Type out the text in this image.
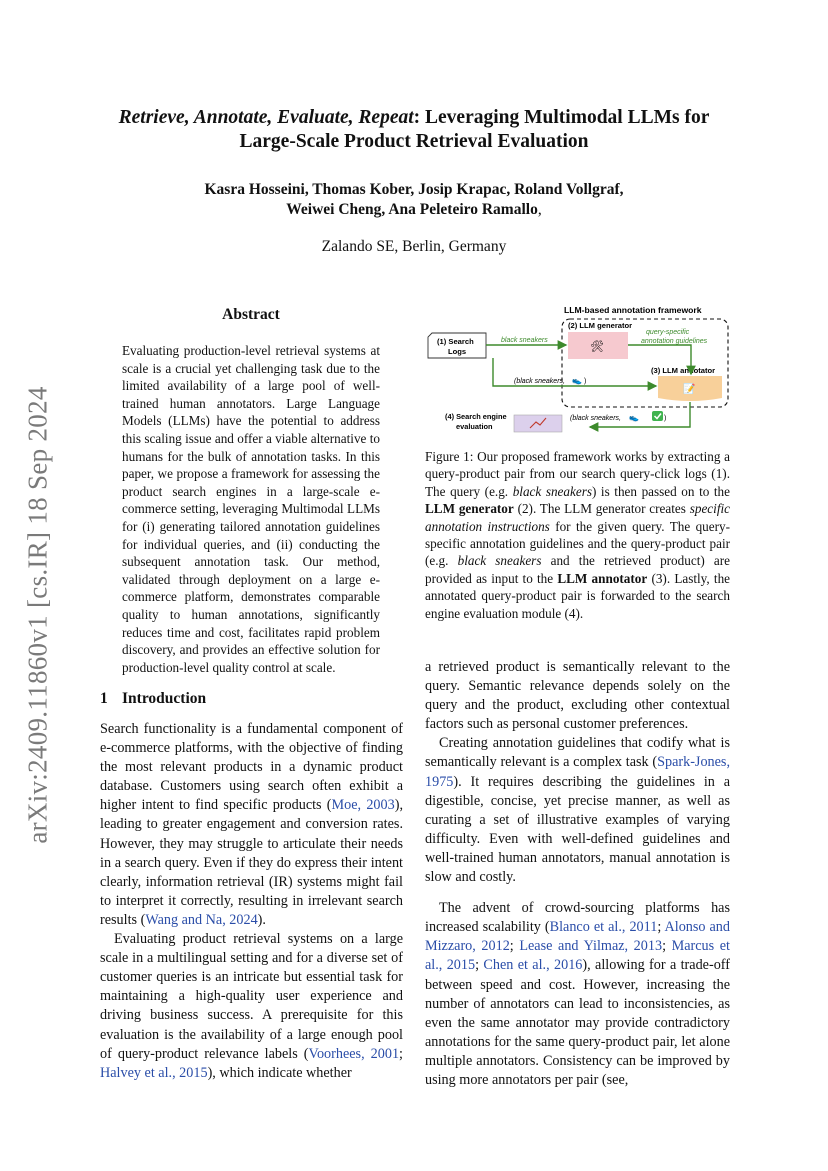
arXiv:2409.11860v1 [cs.IR] 18 Sep 2024
Retrieve, Annotate, Evaluate, Repeat: Leveraging Multimodal LLMs for Large-Scale Product Retrieval Evaluation
Kasra Hosseini, Thomas Kober, Josip Krapac, Roland Vollgraf,
Weiwei Cheng, Ana Peleteiro Ramallo,
Zalando SE, Berlin, Germany
Abstract
Evaluating production-level retrieval systems at scale is a crucial yet challenging task due to the limited availability of a large pool of well-trained human annotators. Large Language Models (LLMs) have the potential to address this scaling issue and offer a viable alternative to humans for the bulk of annotation tasks. In this paper, we propose a framework for assessing the product search engines in a large-scale e-commerce setting, leveraging Multimodal LLMs for (i) generating tailored annotation guidelines for individual queries, and (ii) conducting the subsequent annotation task. Our method, validated through deployment on a large e-commerce platform, demonstrates comparable quality to human annotations, significantly reduces time and cost, facilitates rapid problem discovery, and provides an effective solution for production-level quality control at scale.
1 Introduction

Search functionality is a fundamental component of e-commerce platforms, with the objective of finding the most relevant products in a dynamic product database. Customers using search often exhibit a higher intent to find specific products (Moe, 2003), leading to greater engagement and conversion rates. However, they may struggle to articulate their needs in a search query. Even if they do express their intent clearly, information retrieval (IR) systems might fail to interpret it correctly, resulting in irrelevant search results (Wang and Na, 2024).

Evaluating product retrieval systems on a large scale in a multilingual setting and for a diverse set of customer queries is an intricate but essential task for maintaining a high-quality user experience and driving business success. A prerequisite for this evaluation is the availability of a large enough pool of query-product relevance labels (Voorhees, 2001; Halvey et al., 2015), which indicate whether

LLM-based annotation framework
(1) Search
Logs
(2) LLM generator
🛠
(3) LLM annotator
📝
black sneakers
query-specific
annotation guidelines
(black sneakers, 👟 )
(black sneakers, 👟	)
(4) Search engine
evaluation
Figure 1: Our proposed framework works by extracting a query-product pair from our search query-click logs (1). The query (e.g. black sneakers) is then passed on to the LLM generator (2). The LLM generator creates specific annotation instructions for the given query. The query-specific annotation guidelines and the query-product pair (e.g. black sneakers and the retrieved product) are provided as input to the LLM annotator (3). Lastly, the annotated query-product pair is forwarded to the search engine evaluation module (4).

a retrieved product is semantically relevant to the query. Semantic relevance depends solely on the query and the product, excluding other contextual factors such as personal customer preferences.

Creating annotation guidelines that codify what is semantically relevant is a complex task (Spark-Jones, 1975). It requires describing the guidelines in a digestible, concise, yet precise manner, as well as curating a set of illustrative examples of varying difficulty. Even with well-defined guidelines and well-trained human annotators, manual annotation is slow and costly.

The advent of crowd-sourcing platforms has increased scalability (Blanco et al., 2011; Alonso and Mizzaro, 2012; Lease and Yilmaz, 2013; Marcus et al., 2015; Chen et al., 2016), allowing for a trade-off between speed and cost. However, increasing the number of annotators can lead to inconsistencies, as even the same annotator may provide contradictory annotations for the same query-product pair, let alone multiple annotators. Consistency can be improved by using more annotators per pair (see,
